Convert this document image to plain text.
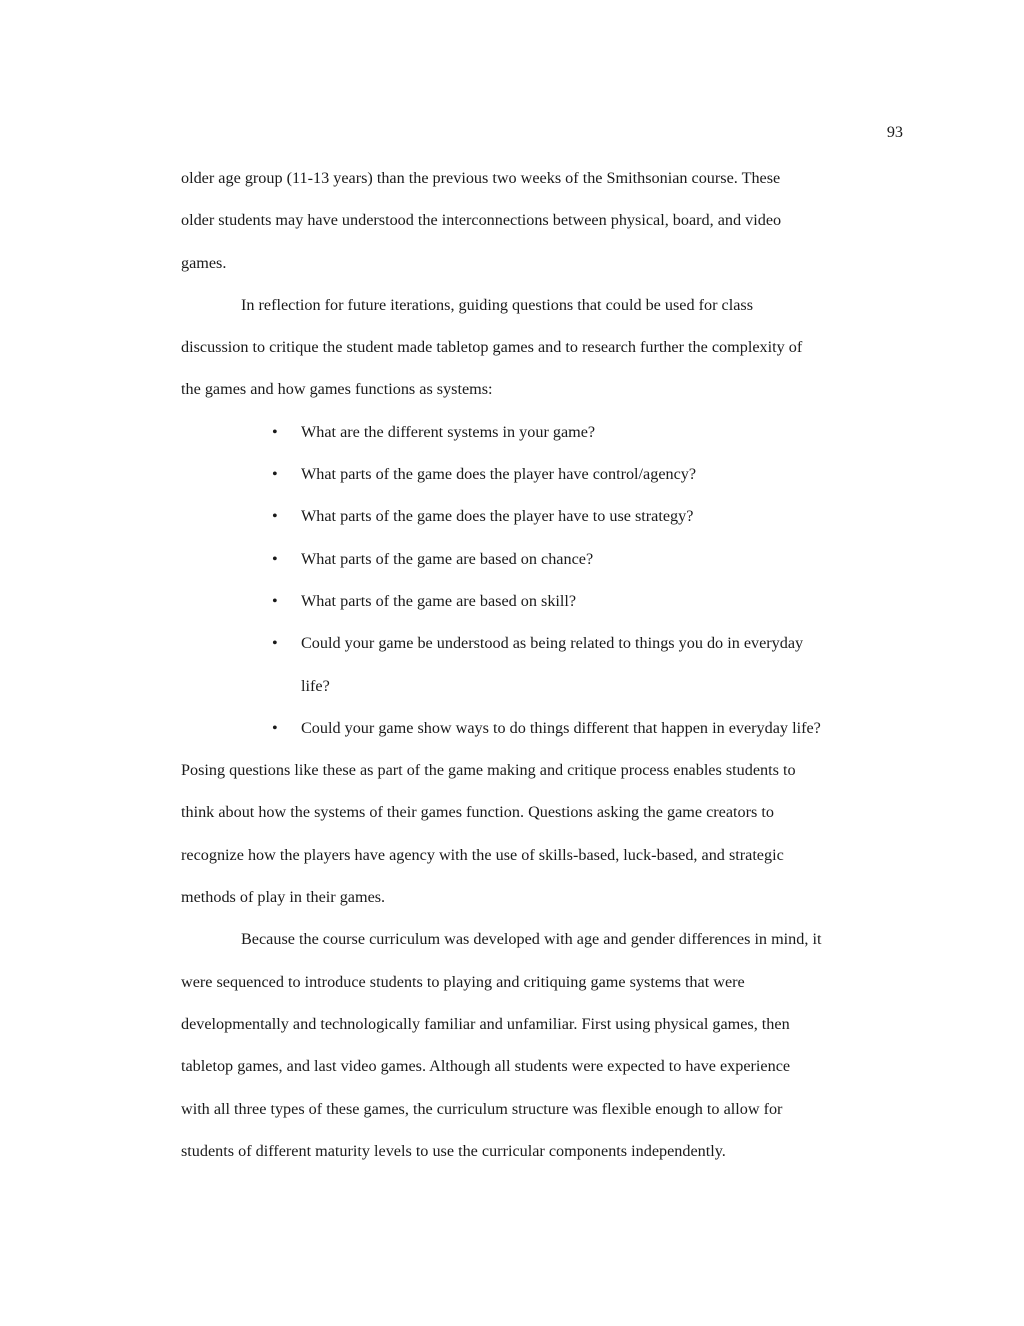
93

older age group (11-13 years) than the previous two weeks of the Smithsonian course. These
older students may have understood the interconnections between physical, board, and video
games.

In reflection for future iterations, guiding questions that could be used for class
discussion to critique the student made tabletop games and to research further the complexity of
the games and how games functions as systems:

• What are the different systems in your game?
• What parts of the game does the player have control/agency?
• What parts of the game does the player have to use strategy?
• What parts of the game are based on chance?
• What parts of the game are based on skill?
• Could your game be understood as being related to things you do in everyday
life?
• Could your game show ways to do things different that happen in everyday life?

Posing questions like these as part of the game making and critique process enables students to
think about how the systems of their games function. Questions asking the game creators to
recognize how the players have agency with the use of skills-based, luck-based, and strategic
methods of play in their games.

Because the course curriculum was developed with age and gender differences in mind, it
were sequenced to introduce students to playing and critiquing game systems that were
developmentally and technologically familiar and unfamiliar. First using physical games, then
tabletop games, and last video games. Although all students were expected to have experience
with all three types of these games, the curriculum structure was flexible enough to allow for
students of different maturity levels to use the curricular components independently.
